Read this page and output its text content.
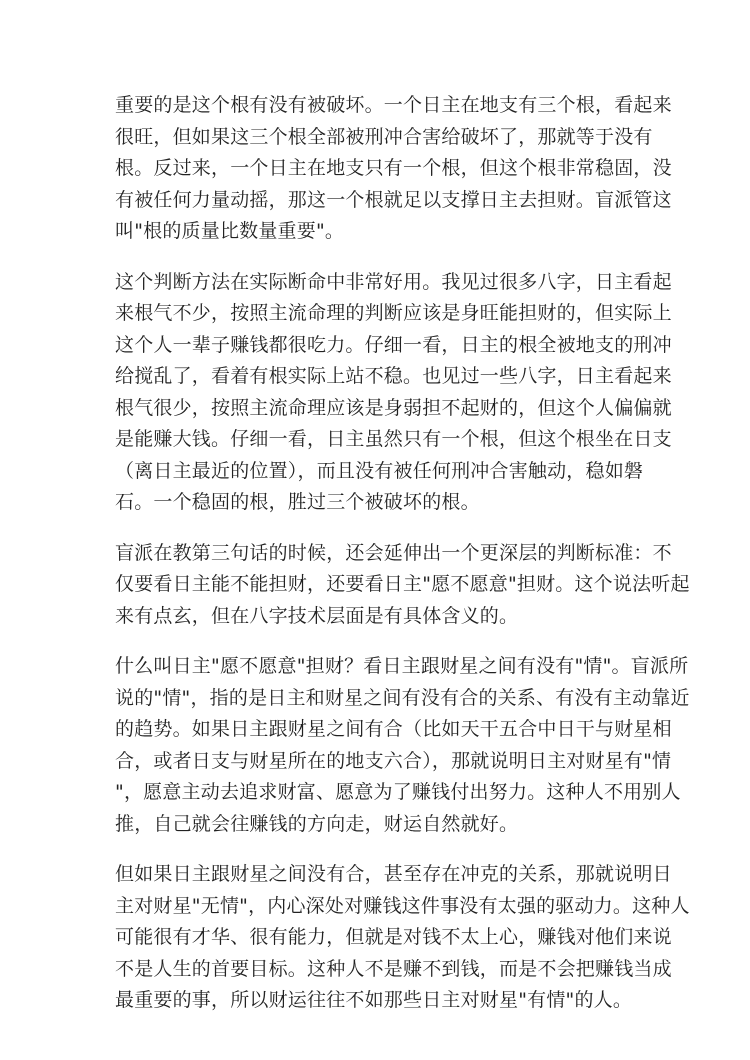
重要的是这个根有没有被破坏。一个日主在地支有三个根，看起来
很旺，但如果这三个根全部被刑冲合害给破坏了，那就等于没有
根。反过来，一个日主在地支只有一个根，但这个根非常稳固，没
有被任何力量动摇，那这一个根就足以支撑日主去担财。盲派管这
叫"根的质量比数量重要"。
这个判断方法在实际断命中非常好用。我见过很多八字，日主看起
来根气不少，按照主流命理的判断应该是身旺能担财的，但实际上
这个人一辈子赚钱都很吃力。仔细一看，日主的根全被地支的刑冲
给搅乱了，看着有根实际上站不稳。也见过一些八字，日主看起来
根气很少，按照主流命理应该是身弱担不起财的，但这个人偏偏就
是能赚大钱。仔细一看，日主虽然只有一个根，但这个根坐在日支
（离日主最近的位置），而且没有被任何刑冲合害触动，稳如磐
石。一个稳固的根，胜过三个被破坏的根。
盲派在教第三句话的时候，还会延伸出一个更深层的判断标准：不
仅要看日主能不能担财，还要看日主"愿不愿意"担财。这个说法听起
来有点玄，但在八字技术层面是有具体含义的。
什么叫日主"愿不愿意"担财？看日主跟财星之间有没有"情"。盲派所
说的"情"，指的是日主和财星之间有没有合的关系、有没有主动靠近
的趋势。如果日主跟财星之间有合（比如天干五合中日干与财星相
合，或者日支与财星所在的地支六合），那就说明日主对财星有"情
"，愿意主动去追求财富、愿意为了赚钱付出努力。这种人不用别人
推，自己就会往赚钱的方向走，财运自然就好。
但如果日主跟财星之间没有合，甚至存在冲克的关系，那就说明日
主对财星"无情"，内心深处对赚钱这件事没有太强的驱动力。这种人
可能很有才华、很有能力，但就是对钱不太上心，赚钱对他们来说
不是人生的首要目标。这种人不是赚不到钱，而是不会把赚钱当成
最重要的事，所以财运往往不如那些日主对财星"有情"的人。
